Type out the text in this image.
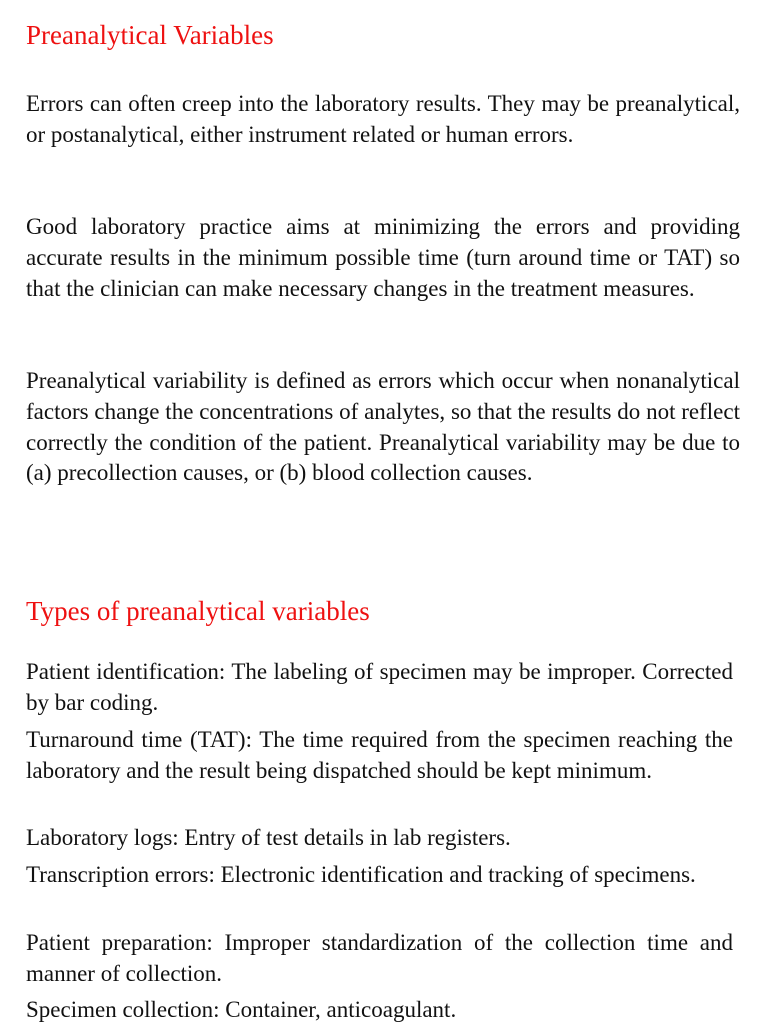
Preanalytical Variables

Errors can often creep into the laboratory results. They may be preanalytical, or postanalytical, either instrument related or human errors.

Good laboratory practice aims at minimizing the errors and providing accurate results in the minimum possible time (turn around time or TAT) so that the clinician can make necessary changes in the treatment measures.

Preanalytical variability is defined as errors which occur when nonanalytical factors change the concentrations of analytes, so that the results do not reflect correctly the condition of the patient. Preanalytical variability may be due to (a) precollection causes, or (b) blood collection causes.

Types of preanalytical variables

Patient identification: The labeling of specimen may be improper. Corrected by bar coding.

Turnaround time (TAT): The time required from the specimen reaching the laboratory and the result being dispatched should be kept minimum.

Laboratory logs: Entry of test details in lab registers.

Transcription errors: Electronic identification and tracking of specimens.

Patient preparation: Improper standardization of the collection time and manner of collection.

Specimen collection: Container, anticoagulant.
